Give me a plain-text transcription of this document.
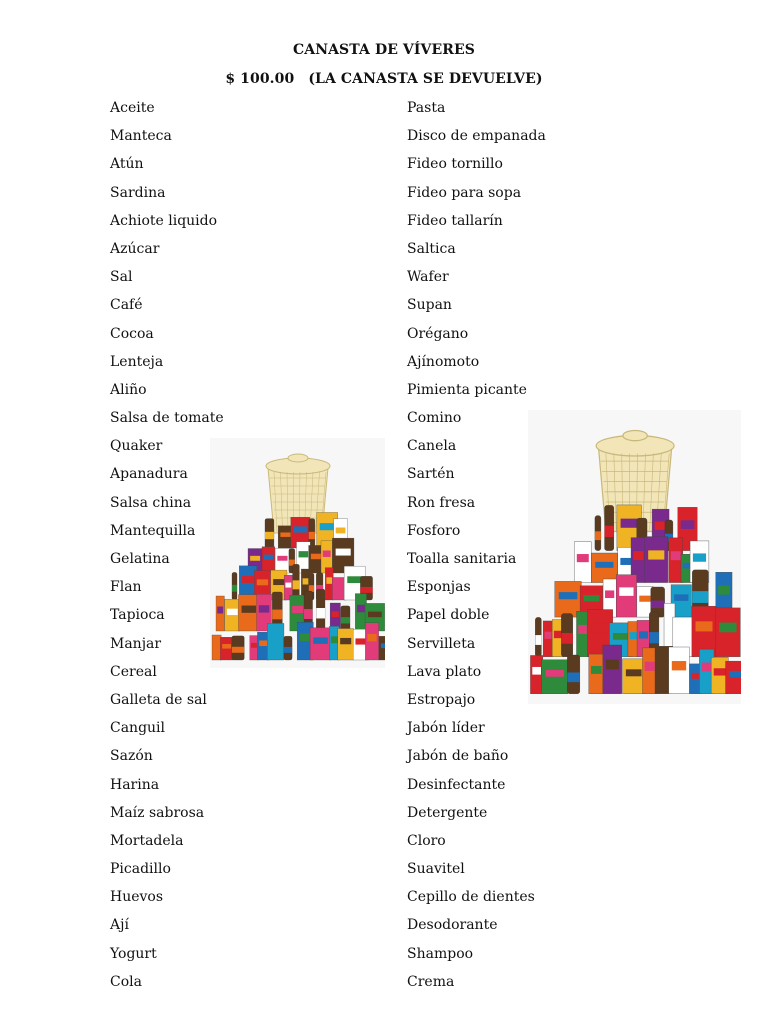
CANASTA DE VÍVERES
$ 100.00 (LA CANASTA SE DEVUELVE)
Aceite
Manteca
Atún
Sardina
Achiote liquido
Azúcar
Sal
Café
Cocoa
Lenteja
Aliño
Salsa de tomate
Quaker
Apanadura
Salsa china
Mantequilla
Gelatina
Flan
Tapioca
Manjar
Cereal
Galleta de sal
Canguil
Sazón
Harina
Maíz sabrosa
Mortadela
Picadillo
Huevos
Ají
Yogurt
Cola
Pasta
Disco de empanada
Fideo tornillo
Fideo para sopa
Fideo tallarín
Saltica
Wafer
Supan
Orégano
Ajínomoto
Pimienta picante
Comino
Canela
Sartén
Ron fresa
Fosforo
Toalla sanitaria
Esponjas
Papel doble
Servilleta
Lava plato
Estropajo
Jabón líder
Jabón de baño
Desinfectante
Detergente
Cloro
Suavitel
Cepillo de dientes
Desodorante
Shampoo
Crema
